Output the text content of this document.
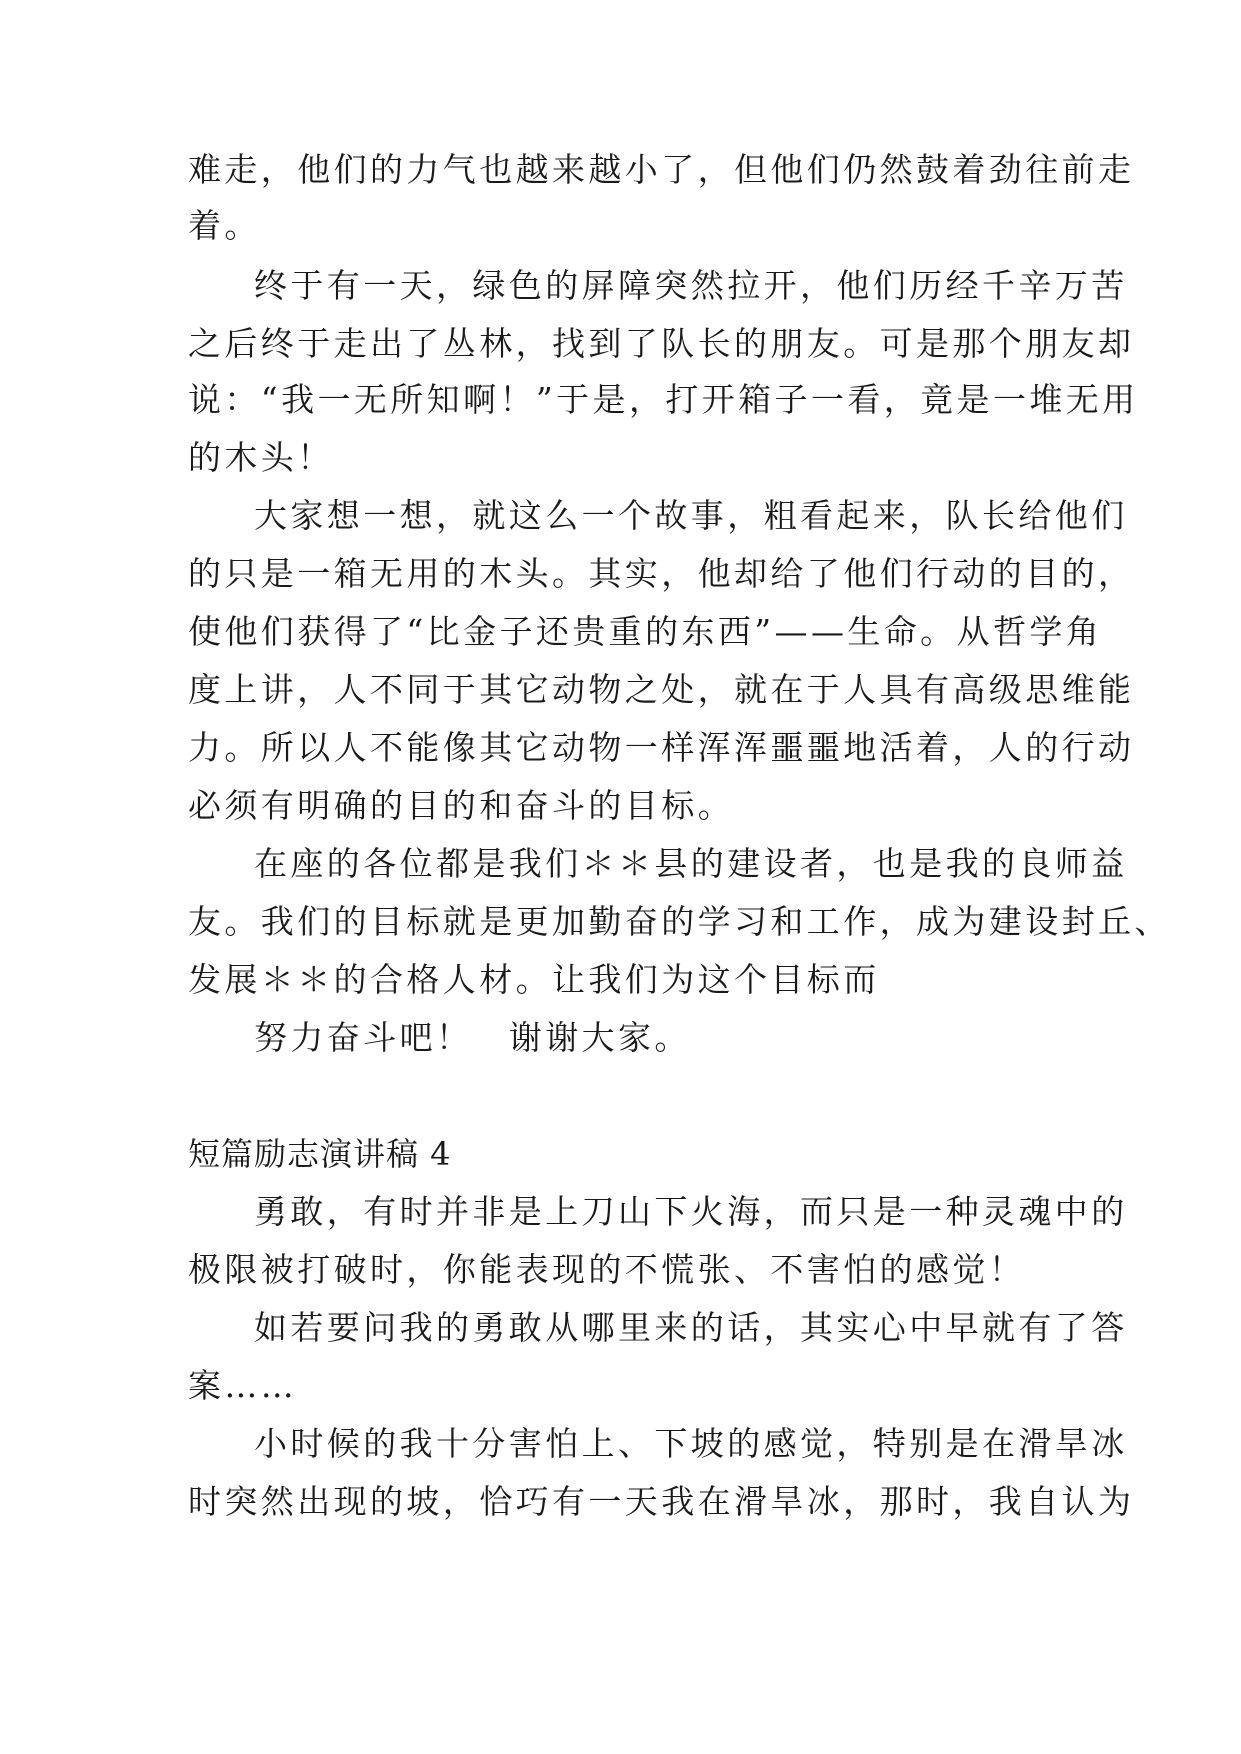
难走，他们的力气也越来越小了，但他们仍然鼓着劲往前走
着。
终于有一天，绿色的屏障突然拉开，他们历经千辛万苦
之后终于走出了丛林，找到了队长的朋友。可是那个朋友却
说：“我一无所知啊！”于是，打开箱子一看，竟是一堆无用
的木头！
大家想一想，就这么一个故事，粗看起来，队长给他们
的只是一箱无用的木头。其实，他却给了他们行动的目的，
使他们获得了“比金子还贵重的东西”——生命。从哲学角
度上讲，人不同于其它动物之处，就在于人具有高级思维能
力。所以人不能像其它动物一样浑浑噩噩地活着，人的行动
必须有明确的目的和奋斗的目标。
在座的各位都是我们＊＊县的建设者，也是我的良师益
友。我们的目标就是更加勤奋的学习和工作，成为建设封丘、
发展＊＊的合格人材。让我们为这个目标而
努力奋斗吧！　谢谢大家。
短篇励志演讲稿 4
勇敢，有时并非是上刀山下火海，而只是一种灵魂中的
极限被打破时，你能表现的不慌张、不害怕的感觉！
如若要问我的勇敢从哪里来的话，其实心中早就有了答
案……
小时候的我十分害怕上、下坡的感觉，特别是在滑旱冰
时突然出现的坡，恰巧有一天我在滑旱冰，那时，我自认为
